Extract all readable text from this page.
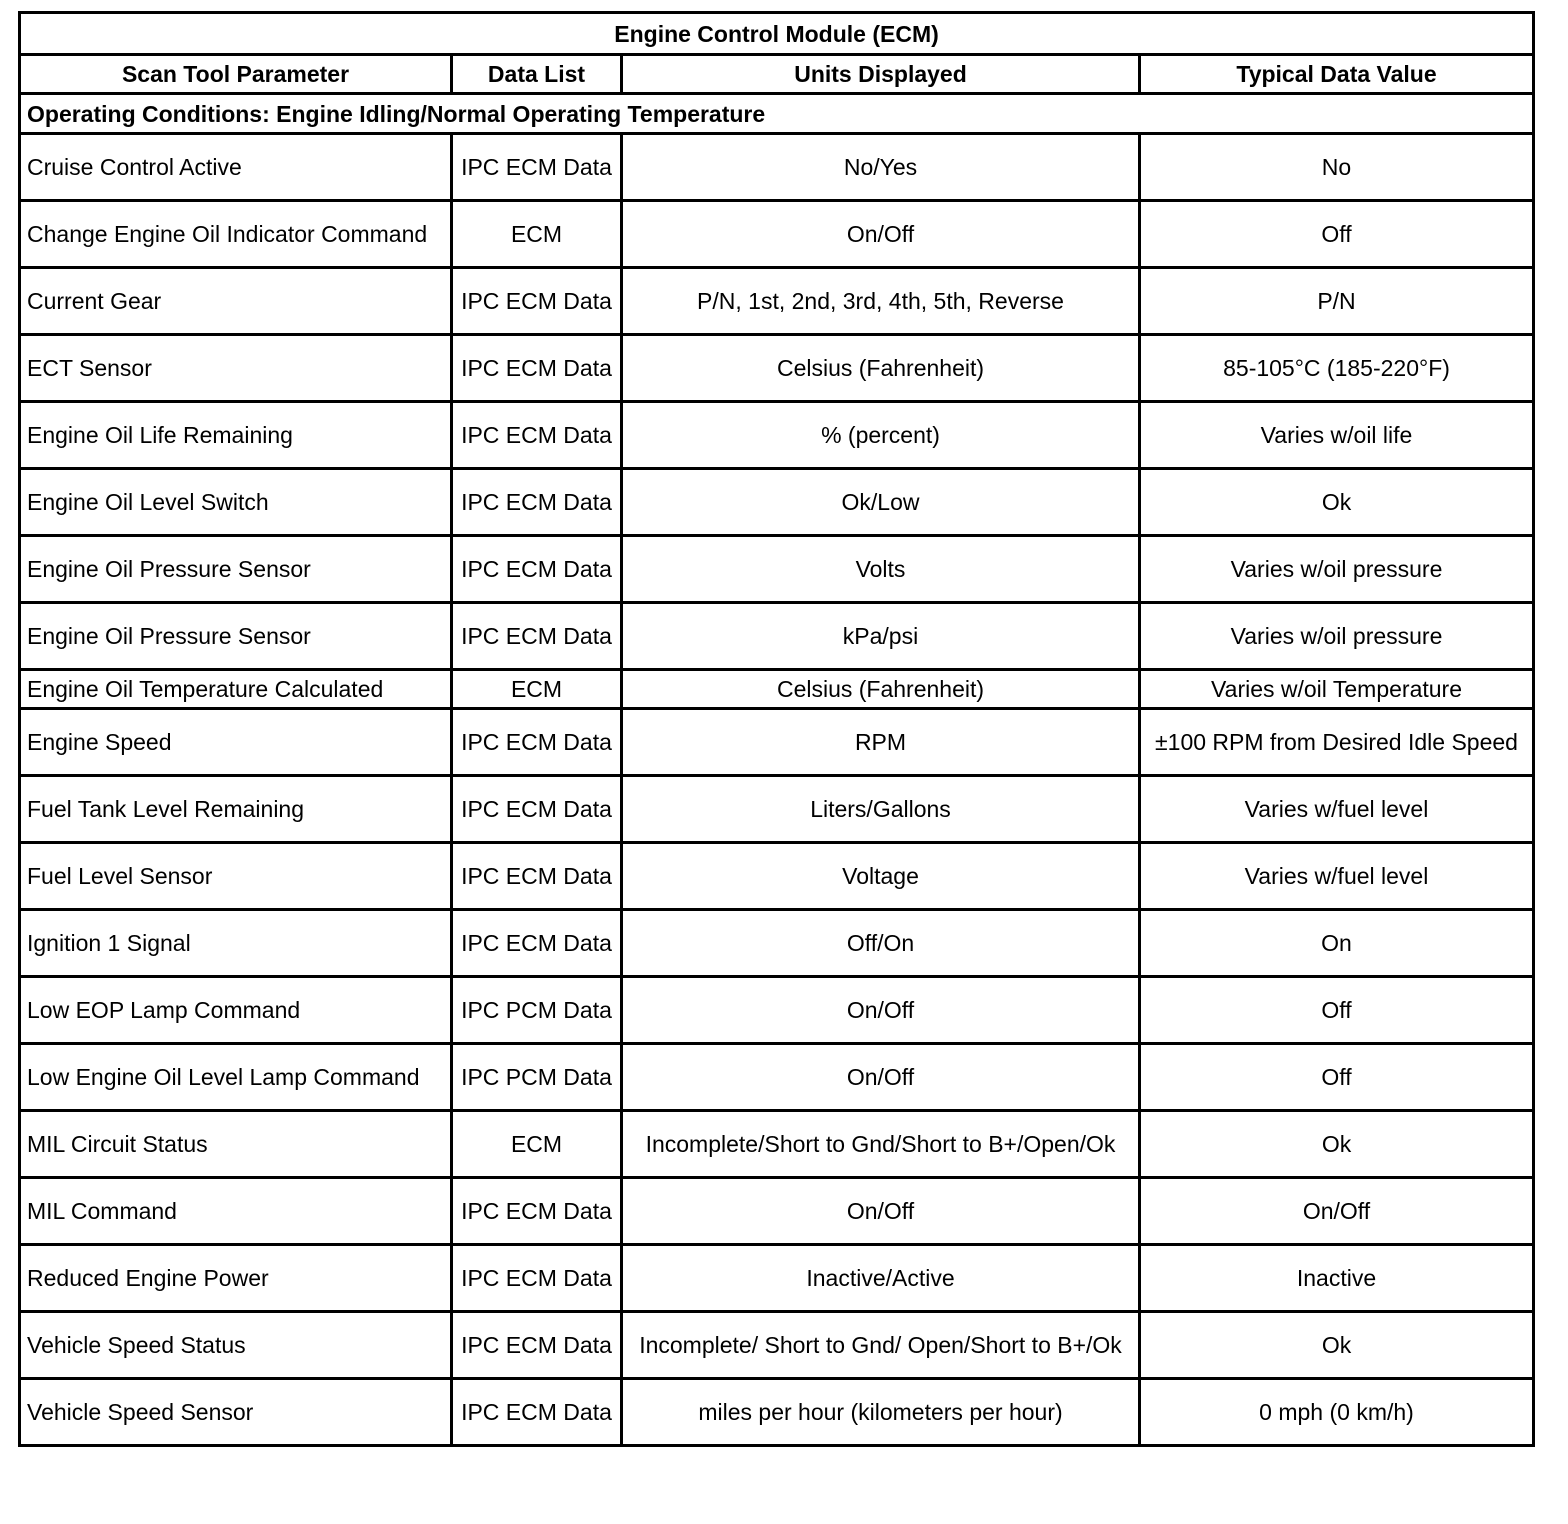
Engine Control Module (ECM)			
Scan Tool Parameter	Data List	Units Displayed	Typical Data Value
Operating Conditions: Engine Idling/Normal Operating Temperature			
Cruise Control Active	IPC ECM Data	No/Yes	No
Change Engine Oil Indicator Command	ECM	On/Off	Off
Current Gear	IPC ECM Data	P/N, 1st, 2nd, 3rd, 4th, 5th, Reverse	P/N
ECT Sensor	IPC ECM Data	Celsius (Fahrenheit)	85-105°C (185-220°F)
Engine Oil Life Remaining	IPC ECM Data	% (percent)	Varies w/oil life
Engine Oil Level Switch	IPC ECM Data	Ok/Low	Ok
Engine Oil Pressure Sensor	IPC ECM Data	Volts	Varies w/oil pressure
Engine Oil Pressure Sensor	IPC ECM Data	kPa/psi	Varies w/oil pressure
Engine Oil Temperature Calculated	ECM	Celsius (Fahrenheit)	Varies w/oil Temperature
Engine Speed	IPC ECM Data	RPM	±100 RPM from Desired Idle Speed
Fuel Tank Level Remaining	IPC ECM Data	Liters/Gallons	Varies w/fuel level
Fuel Level Sensor	IPC ECM Data	Voltage	Varies w/fuel level
Ignition 1 Signal	IPC ECM Data	Off/On	On
Low EOP Lamp Command	IPC PCM Data	On/Off	Off
Low Engine Oil Level Lamp Command	IPC PCM Data	On/Off	Off
MIL Circuit Status	ECM	Incomplete/Short to Gnd/Short to B+/Open/Ok	Ok
MIL Command	IPC ECM Data	On/Off	On/Off
Reduced Engine Power	IPC ECM Data	Inactive/Active	Inactive
Vehicle Speed Status	IPC ECM Data	Incomplete/ Short to Gnd/ Open/Short to B+/Ok	Ok
Vehicle Speed Sensor	IPC ECM Data	miles per hour (kilometers per hour)	0 mph (0 km/h)
